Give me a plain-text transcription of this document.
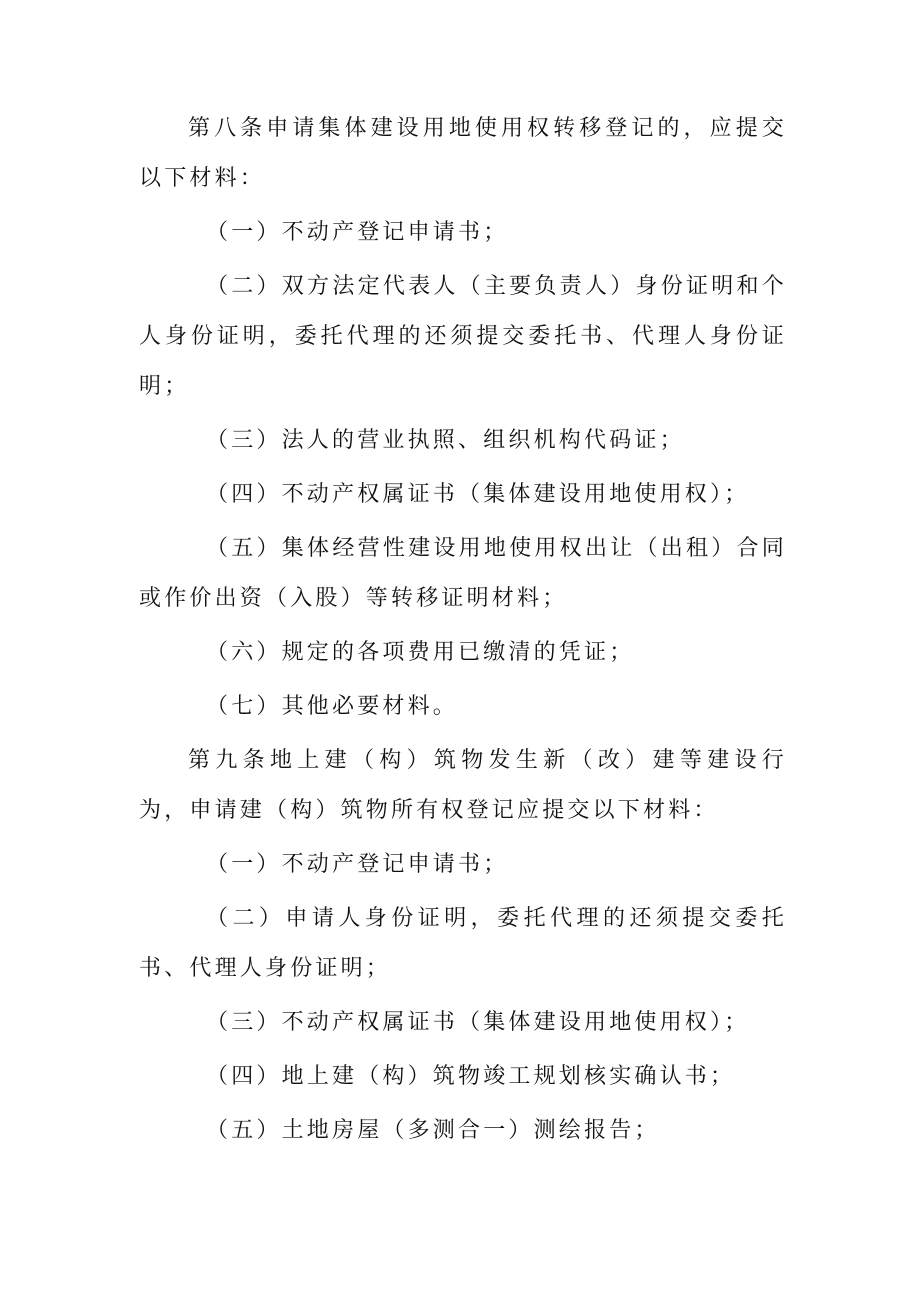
第八条申请集体建设用地使用权转移登记的，应提交以下材料：

（一）不动产登记申请书；

（二）双方法定代表人（主要负责人）身份证明和个人身份证明，委托代理的还须提交委托书、代理人身份证明；

（三）法人的营业执照、组织机构代码证；

（四）不动产权属证书（集体建设用地使用权）；

（五）集体经营性建设用地使用权出让（出租）合同或作价出资（入股）等转移证明材料；

（六）规定的各项费用已缴清的凭证；

（七）其他必要材料。

第九条地上建（构）筑物发生新（改）建等建设行为，申请建（构）筑物所有权登记应提交以下材料：

（一）不动产登记申请书；

（二）申请人身份证明，委托代理的还须提交委托书、代理人身份证明；

（三）不动产权属证书（集体建设用地使用权）；

（四）地上建（构）筑物竣工规划核实确认书；

（五）土地房屋（多测合一）测绘报告；
